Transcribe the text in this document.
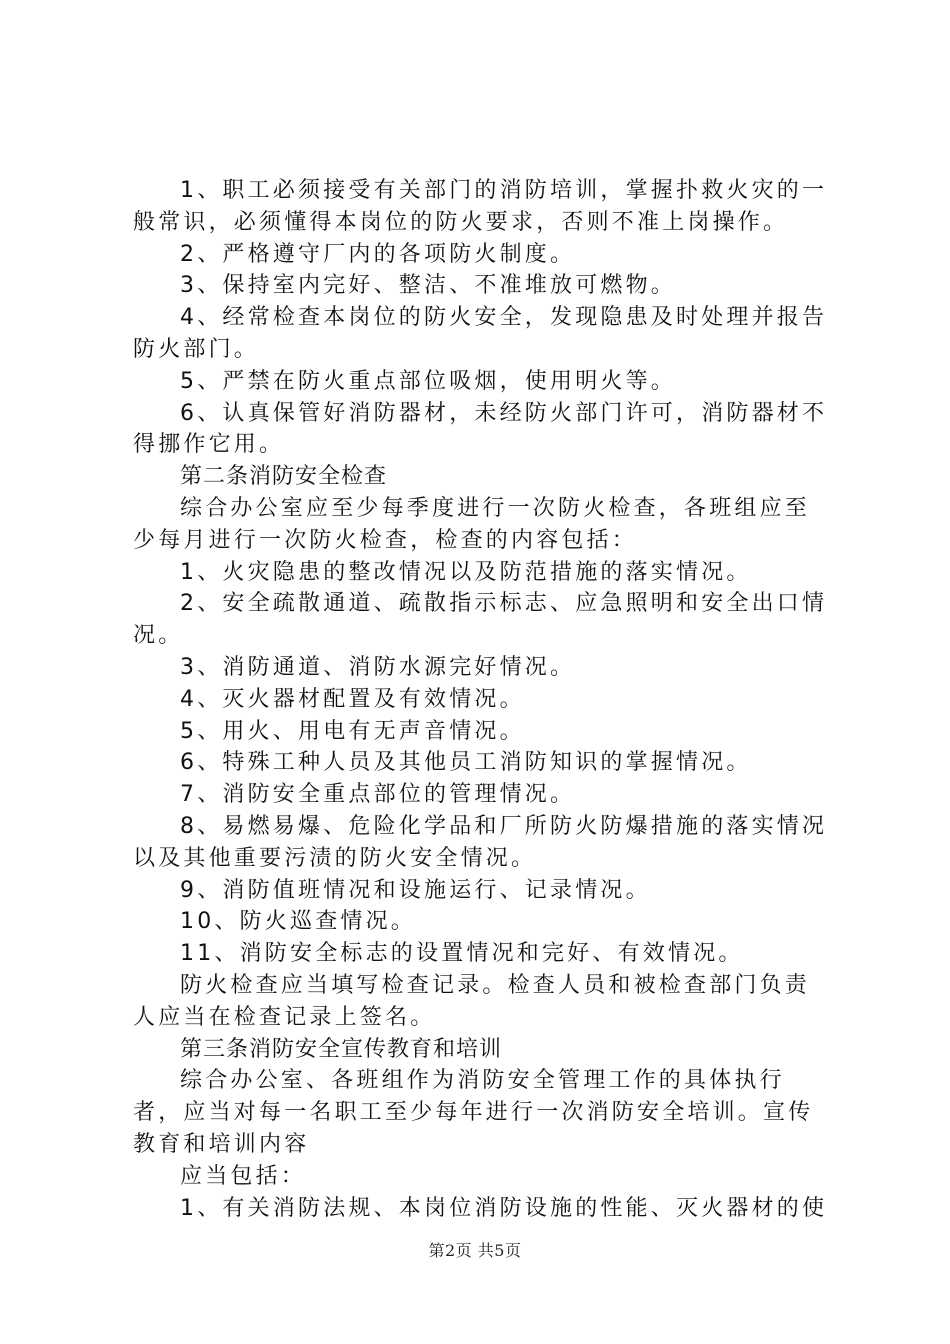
1、职工必须接受有关部门的消防培训，掌握扑救火灾的一般常识，必须懂得本岗位的防火要求，否则不准上岗操作。

2、严格遵守厂内的各项防火制度。

3、保持室内完好、整洁、不准堆放可燃物。

4、经常检查本岗位的防火安全，发现隐患及时处理并报告防火部门。

5、严禁在防火重点部位吸烟，使用明火等。

6、认真保管好消防器材，未经防火部门许可，消防器材不得挪作它用。

第二条消防安全检查

综合办公室应至少每季度进行一次防火检查，各班组应至少每月进行一次防火检查，检查的内容包括：

1、火灾隐患的整改情况以及防范措施的落实情况。

2、安全疏散通道、疏散指示标志、应急照明和安全出口情况。

3、消防通道、消防水源完好情况。

4、灭火器材配置及有效情况。

5、用火、用电有无声音情况。

6、特殊工种人员及其他员工消防知识的掌握情况。

7、消防安全重点部位的管理情况。

8、易燃易爆、危险化学品和厂所防火防爆措施的落实情况以及其他重要污渍的防火安全情况。

9、消防值班情况和设施运行、记录情况。

10、防火巡查情况。

11、消防安全标志的设置情况和完好、有效情况。

防火检查应当填写检查记录。检查人员和被检查部门负责人应当在检查记录上签名。

第三条消防安全宣传教育和培训

综合办公室、各班组作为消防安全管理工作的具体执行者，应当对每一名职工至少每年进行一次消防安全培训。宣传教育和培训内容

应当包括：

1、有关消防法规、本岗位消防设施的性能、灭火器材的使

第2页 共5页
